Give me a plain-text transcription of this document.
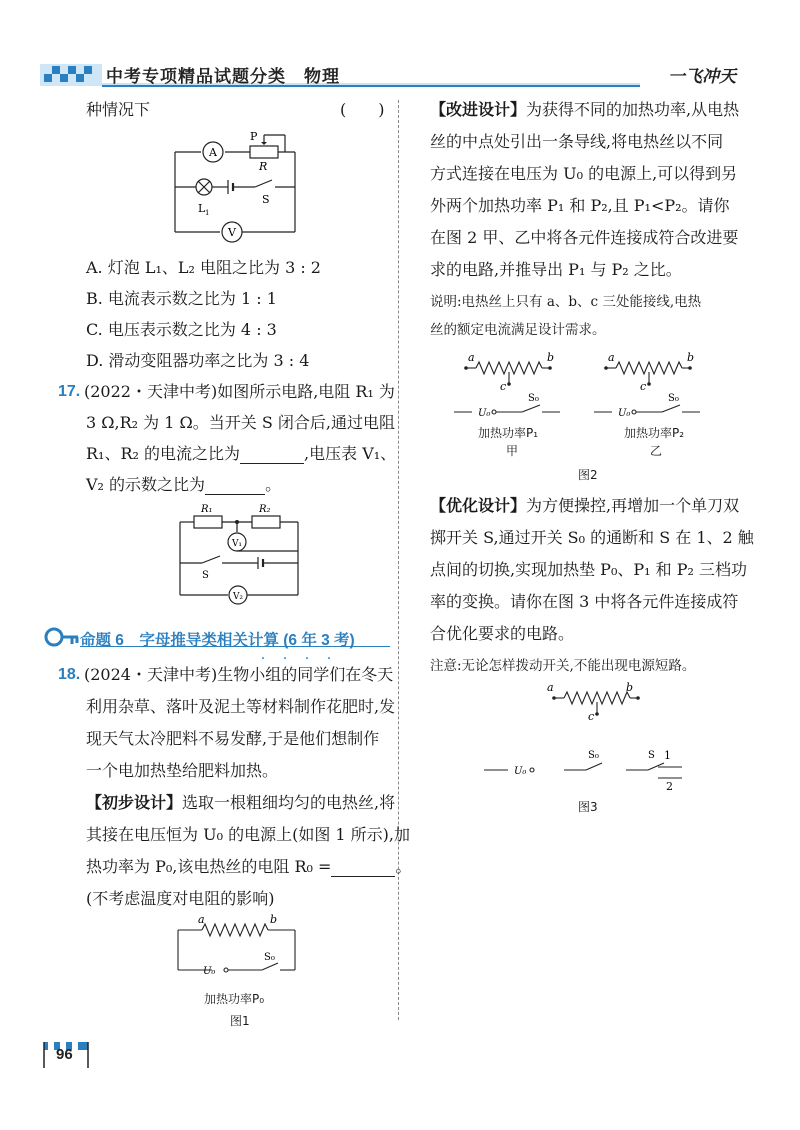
中考专项精品试题分类　物理	一飞冲天
种情况下	(　　)
A
P
R
L 1
S
V
A. 灯泡 L₁、L₂ 电阻之比为 3 : 2
B. 电流表示数之比为 1 : 1
C. 电压表示数之比为 4 : 3
D. 滑动变阻器功率之比为 3 : 4
17. (2022・天津中考)如图所示电路,电阻 R₁ 为
3 Ω,R₂ 为 1 Ω。当开关 S 闭合后,通过电阻
R₁、R₂ 的电流之比为	,电压表 V₁、
V₂ 的示数之比为	。
R₁	R₂
V₁
S
V₂
命题 6　字母推导类相关计算 (6 年 3 考)
・・・・
18. (2024・天津中考)生物小组的同学们在冬天
利用杂草、落叶及泥土等材料制作花肥时,发
现天气太冷肥料不易发酵,于是他们想制作
一个电加热垫给肥料加热。
【初步设计】选取一根粗细均匀的电热丝,将
其接在电压恒为 U₀ 的电源上(如图 1 所示),加
热功率为 P₀,该电热丝的电阻 R₀ =	。
(不考虑温度对电阻的影响)
a	b
U₀
S₀
加热功率P₀
图1
96
【改进设计】为获得不同的加热功率,从电热
丝的中点处引出一条导线,将电热丝以不同
方式连接在电压为 U₀ 的电源上,可以得到另
外两个加热功率 P₁ 和 P₂,且 P₁<P₂。请你
在图 2 甲、乙中将各元件连接成符合改进要
求的电路,并推导出 P₁ 与 P₂ 之比。
说明:电热丝上只有 a、b、c 三处能接线,电热
丝的额定电流满足设计需求。
a	b
c
U₀
S₀
加热功率P₁
甲
a	b
c
U₀
S₀
加热功率P₂
乙
图2
【优化设计】为方便操控,再增加一个单刀双
掷开关 S,通过开关 S₀ 的通断和 S 在 1、2 触
点间的切换,实现加热垫 P₀、P₁ 和 P₂ 三档功
率的变换。请你在图 3 中将各元件连接成符
合优化要求的电路。
注意:无论怎样拨动开关,不能出现电源短路。
a	b
c
U₀
S₀	S 1
2
图3
